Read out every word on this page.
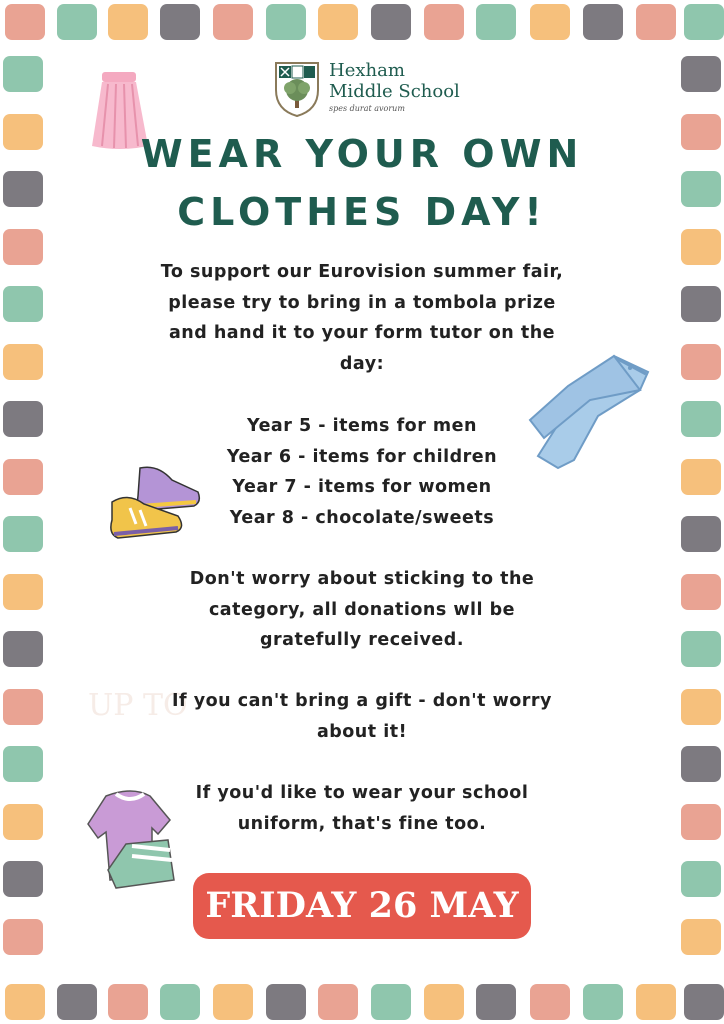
Hexham
Middle School
spes durat avorum
WEAR YOUR OWN
CLOTHES DAY!
To support our Eurovision summer fair,
please try to bring in a tombola prize
and hand it to your form tutor on the
day:
Year 5 - items for men
Year 6 - items for children
Year 7 - items for women
Year 8 - chocolate/sweets
Don't worry about sticking to the
category, all donations wll be
gratefully received.
UP TO
If you can't bring a gift - don't worry
about it!
If you'd like to wear your school
uniform, that's fine too.
FRIDAY 26 MAY
